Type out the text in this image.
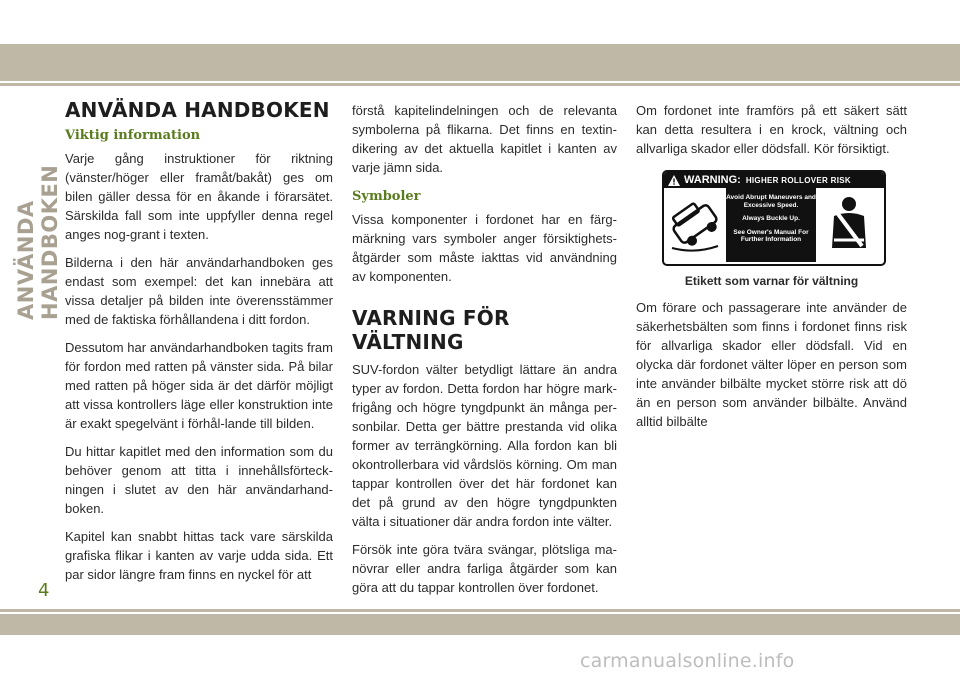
ANVÄNDA HANDBOKEN
ANVÄNDA HANDBOKEN
Viktig information

Varje gång instruktioner för riktning (vänster/höger eller framåt/bakåt) ges om bilen gäller dessa för en åkande i förarsätet. Särskilda fall som inte uppfyller denna regel anges nog-grant i texten.

Bilderna i den här användarhandboken ges endast som exempel: det kan innebära att vissa detaljer på bilden inte överensstämmer med de faktiska förhållandena i ditt fordon.

Dessutom har användarhandboken tagits fram för fordon med ratten på vänster sida. På bilar med ratten på höger sida är det därför möjligt att vissa kontrollers läge eller konstruktion inte är exakt spegelvänt i förhål-lande till bilden.

Du hittar kapitlet med den information som du behöver genom att titta i innehållsförteck-ningen i slutet av den här användarhand-boken.

Kapitel kan snabbt hittas tack vare särskilda grafiska flikar i kanten av varje udda sida. Ett par sidor längre fram finns en nyckel för att

förstå kapitelindelningen och de relevanta symbolerna på flikarna. Det finns en textin-dikering av det aktuella kapitlet i kanten av varje jämn sida.

Symboler

Vissa komponenter i fordonet har en färg-märkning vars symboler anger försiktighets-åtgärder som måste iakttas vid användning av komponenten.

VARNING FÖR VÄLTNING

SUV-fordon välter betydligt lättare än andra typer av fordon. Detta fordon har högre mark-frigång och högre tyngdpunkt än många per-sonbilar. Detta ger bättre prestanda vid olika former av terrängkörning. Alla fordon kan bli okontrollerbara vid vårdslös körning. Om man tappar kontrollen över det här fordonet kan det på grund av den högre tyngdpunkten välta i situationer där andra fordon inte välter.

Försök inte göra tvära svängar, plötsliga ma-növrar eller andra farliga åtgärder som kan göra att du tappar kontrollen över fordonet.

Om fordonet inte framförs på ett säkert sätt kan detta resultera i en krock, vältning och allvarliga skador eller dödsfall. Kör försiktigt.

WARNING: HIGHER ROLLOVER RISK
Avoid Abrupt Maneuvers and Excessive Speed.
Always Buckle Up.
See Owner's Manual For Further Information
Etikett som varnar för vältning

Om förare och passagerare inte använder de säkerhetsbälten som finns i fordonet finns risk för allvarliga skador eller dödsfall. Vid en olycka där fordonet välter löper en person som inte använder bilbälte mycket större risk att dö än en person som använder bilbälte. Använd alltid bilbälte

4
carmanualsonline.info
